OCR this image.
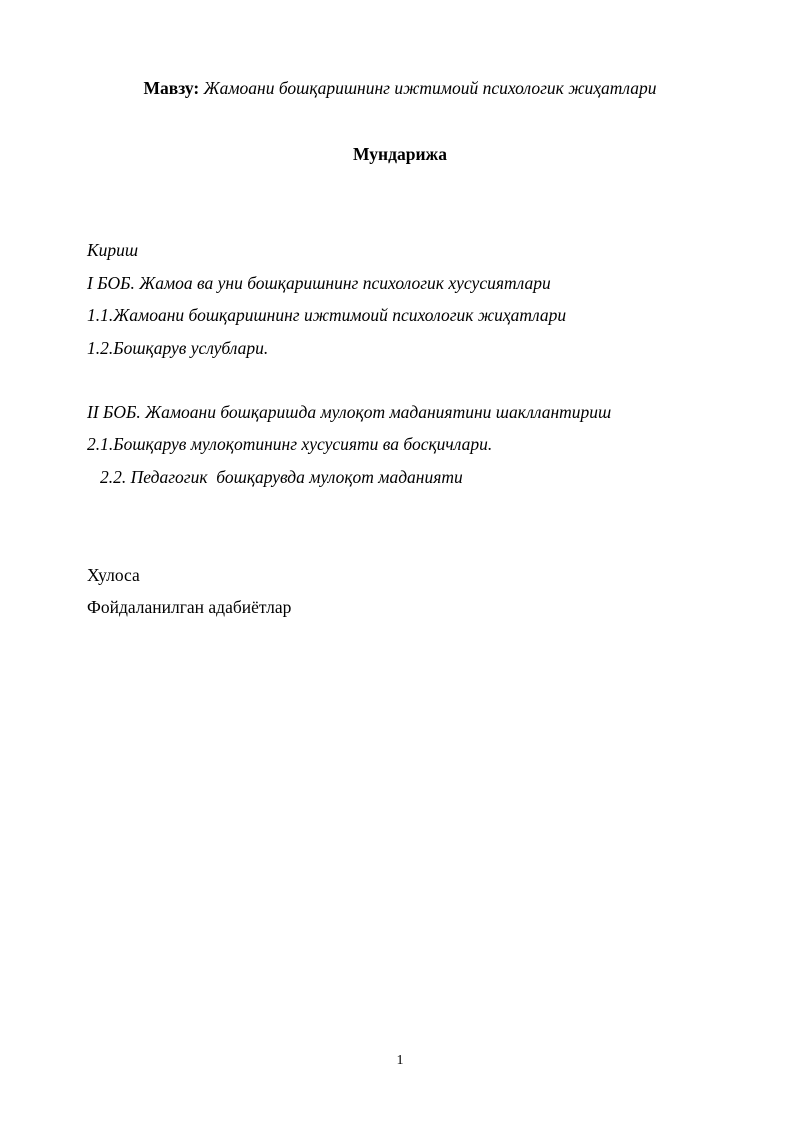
Мавзу: Жамоани бошқаришнинг ижтимоий психологик жиҳатлари
Мундарижа
Кириш
I БОБ. Жамоа ва уни бошқаришнинг психологик хусусиятлари
1.1.Жамоани бошқаришнинг ижтимоий психологик жиҳатлари
1.2.Бошқарув услублари.
II БОБ. Жамоани бошқаришда мулоқот маданиятини шакллантириш
2.1.Бошқарув мулоқотининг хусусияти ва босқичлари.
2.2. Педагогик  бошқарувда мулоқот маданияти
Хулоса
Фойдаланилган адабиётлар
1
